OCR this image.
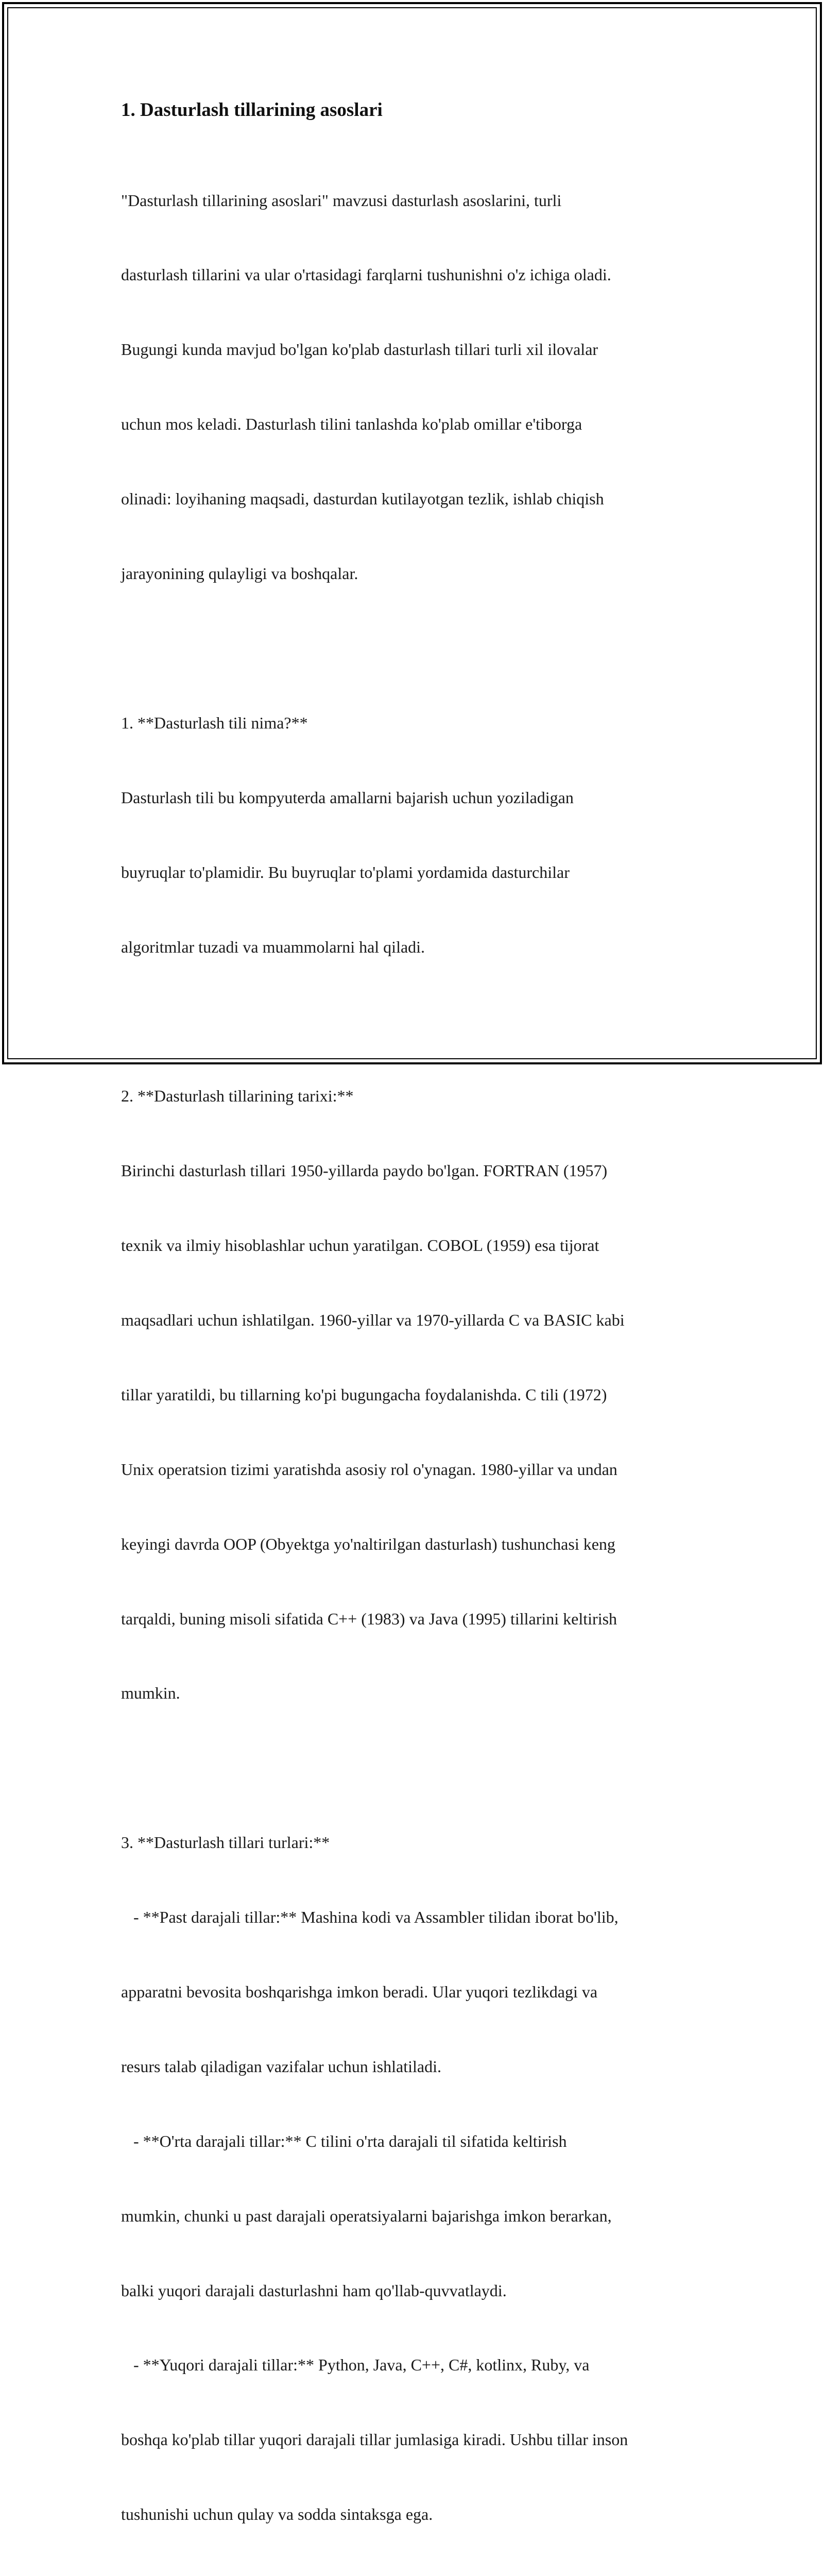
1. Dasturlash tillarining asoslari

"Dasturlash tillarining asoslari" mavzusi dasturlash asoslarini, turli

dasturlash tillarini va ular o'rtasidagi farqlarni tushunishni o'z ichiga oladi.

Bugungi kunda mavjud bo'lgan ko'plab dasturlash tillari turli xil ilovalar

uchun mos keladi. Dasturlash tilini tanlashda ko'plab omillar e'tiborga

olinadi: loyihaning maqsadi, dasturdan kutilayotgan tezlik, ishlab chiqish

jarayonining qulayligi va boshqalar.

1. **Dasturlash tili nima?**

Dasturlash tili bu kompyuterda amallarni bajarish uchun yoziladigan

buyruqlar to'plamidir. Bu buyruqlar to'plami yordamida dasturchilar

algoritmlar tuzadi va muammolarni hal qiladi.

2. **Dasturlash tillarining tarixi:**

Birinchi dasturlash tillari 1950-yillarda paydo bo'lgan. FORTRAN (1957)

texnik va ilmiy hisoblashlar uchun yaratilgan. COBOL (1959) esa tijorat

maqsadlari uchun ishlatilgan. 1960-yillar va 1970-yillarda C va BASIC kabi

tillar yaratildi, bu tillarning ko'pi bugungacha foydalanishda. C tili (1972)

Unix operatsion tizimi yaratishda asosiy rol o'ynagan. 1980-yillar va undan

keyingi davrda OOP (Obyektga yo'naltirilgan dasturlash) tushunchasi keng

tarqaldi, buning misoli sifatida C++ (1983) va Java (1995) tillarini keltirish

mumkin.

3. **Dasturlash tillari turlari:**

- **Past darajali tillar:** Mashina kodi va Assambler tilidan iborat bo'lib,

apparatni bevosita boshqarishga imkon beradi. Ular yuqori tezlikdagi va

resurs talab qiladigan vazifalar uchun ishlatiladi.

- **O'rta darajali tillar:** C tilini o'rta darajali til sifatida keltirish

mumkin, chunki u past darajali operatsiyalarni bajarishga imkon berarkan,

balki yuqori darajali dasturlashni ham qo'llab-quvvatlaydi.

- **Yuqori darajali tillar:** Python, Java, C++, C#, kotlinx, Ruby, va

boshqa ko'plab tillar yuqori darajali tillar jumlasiga kiradi. Ushbu tillar inson

tushunishi uchun qulay va sodda sintaksga ega.
